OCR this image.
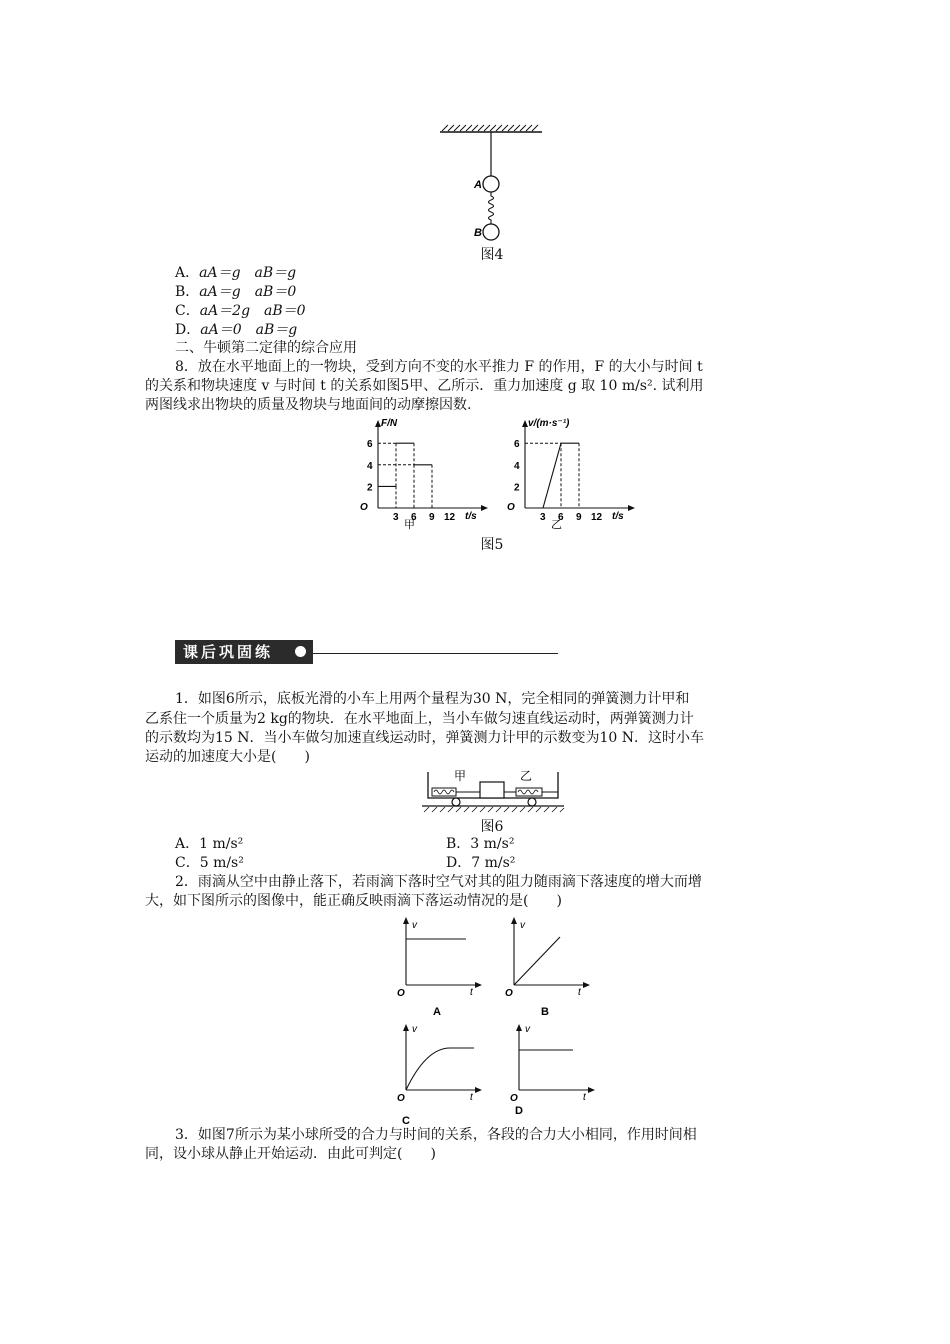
A
B
图4
A．aA＝g　aB＝g
B．aA＝g　aB＝0
C．aA＝2g　aB＝0
D．aA＝0　aB＝g
二、牛顿第二定律的综合应用
8．放在水平地面上的一物块，受到方向不变的水平推力 F 的作用，F 的大小与时间 t
的关系和物块速度 v 与时间 t 的关系如图5甲、乙所示．重力加速度 g 取 10 m/s². 试利用
两图线求出物块的质量及物块与地面间的动摩擦因数.
F/N
t/s
O
甲
3 6 9 12
2
4
6
v/(m·s⁻¹)
t/s
O
乙
3 6 9 12
2
4
6
图5
课后巩固练
1．如图6所示，底板光滑的小车上用两个量程为30 N，完全相同的弹簧测力计甲和
乙系住一个质量为2 kg的物块．在水平地面上，当小车做匀速直线运动时，两弹簧测力计
的示数均为15 N．当小车做匀加速直线运动时，弹簧测力计甲的示数变为10 N．这时小车
运动的加速度大小是(　　)
甲	乙
图6
A．1 m/s²	B．3 m/s²
C．5 m/s²	D．7 m/s²
2．雨滴从空中由静止落下，若雨滴下落时空气对其的阻力随雨滴下落速度的增大而增
大，如下图所示的图像中，能正确反映雨滴下落运动情况的是(　　)
v
t
O
A
v
t
O
B
v
t
O
C
v
t
O
D
3．如图7所示为某小球所受的合力与时间的关系，各段的合力大小相同，作用时间相
同，设小球从静止开始运动．由此可判定(　　)
